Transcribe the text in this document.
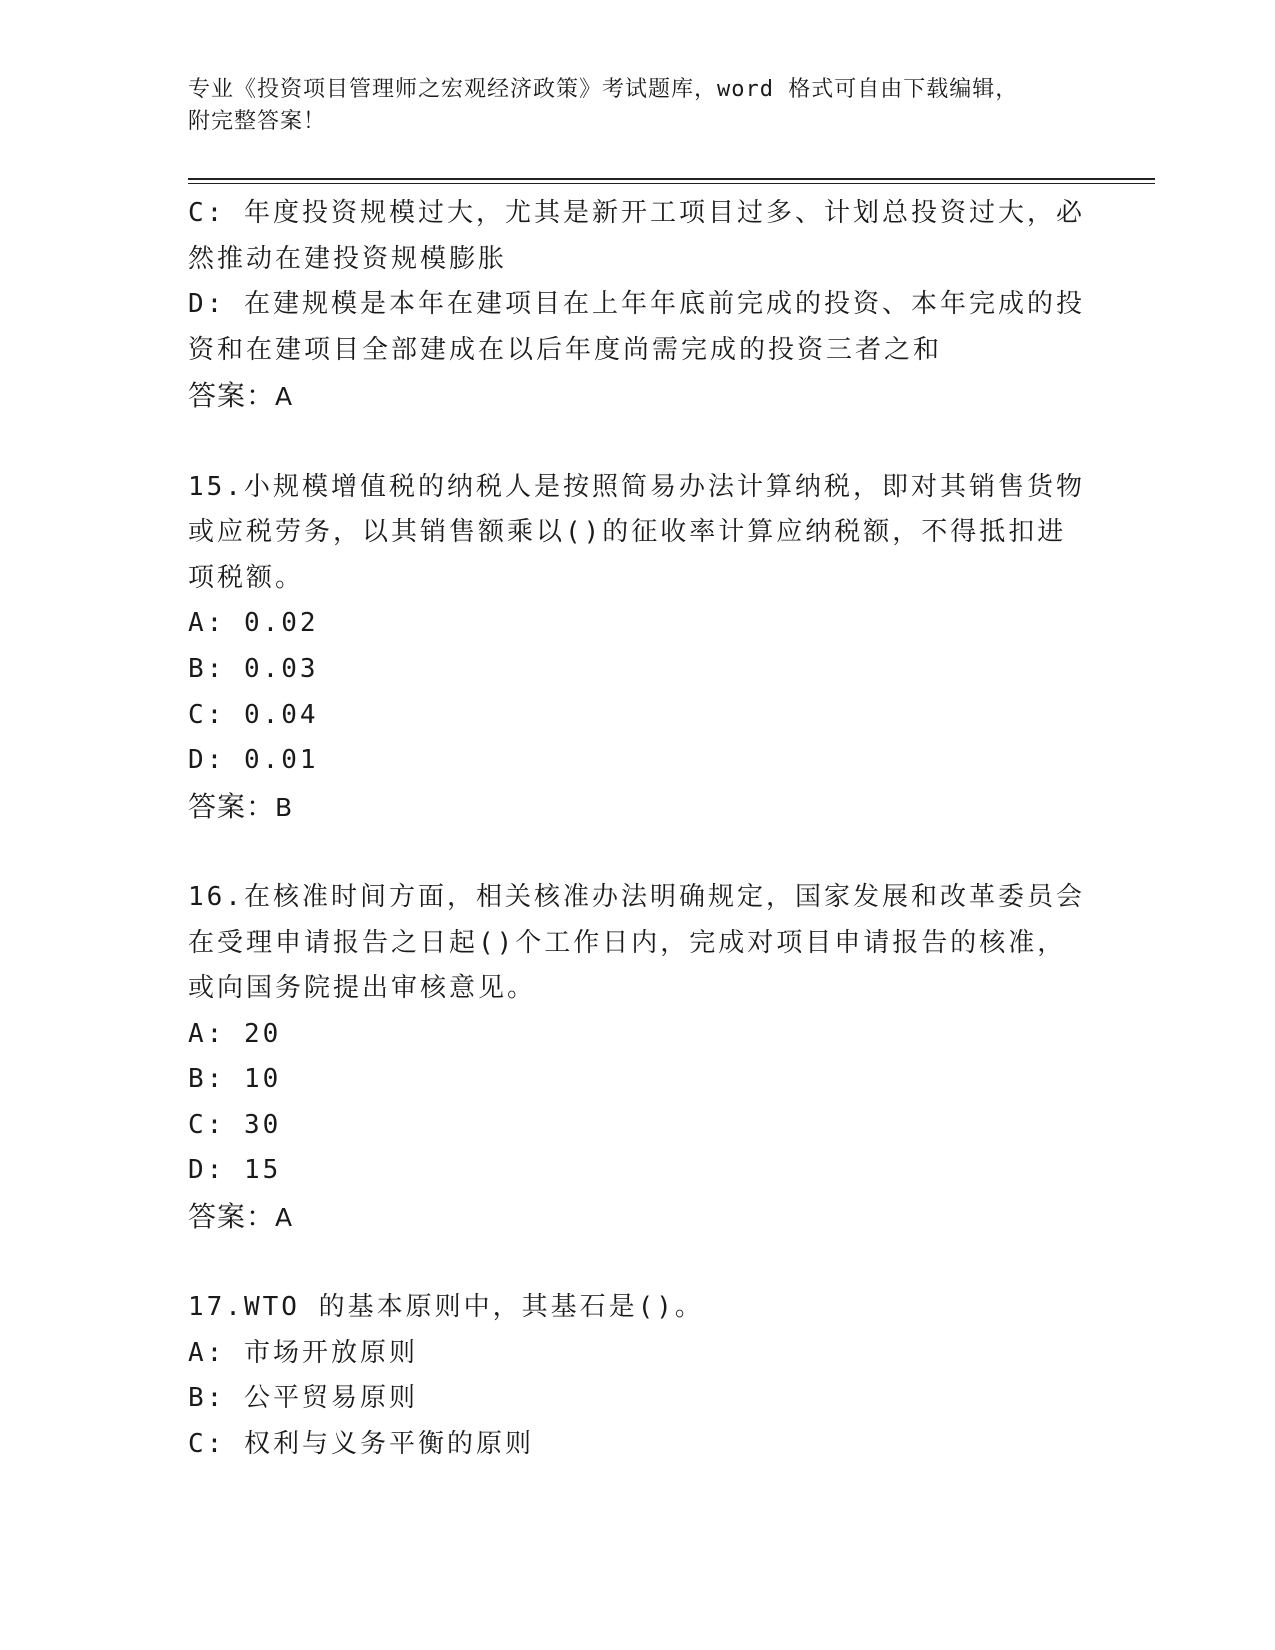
专业《投资项目管理师之宏观经济政策》考试题库，word 格式可自由下载编辑，
附完整答案！
C: 年度投资规模过大，尤其是新开工项目过多、计划总投资过大，必
然推动在建投资规模膨胀
D: 在建规模是本年在建项目在上年年底前完成的投资、本年完成的投
资和在建项目全部建成在以后年度尚需完成的投资三者之和
答案：A
15.小规模增值税的纳税人是按照简易办法计算纳税，即对其销售货物
或应税劳务，以其销售额乘以()的征收率计算应纳税额，不得抵扣进
项税额。
A: 0.02
B: 0.03
C: 0.04
D: 0.01
答案：B
16.在核准时间方面，相关核准办法明确规定，国家发展和改革委员会
在受理申请报告之日起()个工作日内，完成对项目申请报告的核准，
或向国务院提出审核意见。
A: 20
B: 10
C: 30
D: 15
答案：A
17.WTO 的基本原则中，其基石是()。
A: 市场开放原则
B: 公平贸易原则
C: 权利与义务平衡的原则
